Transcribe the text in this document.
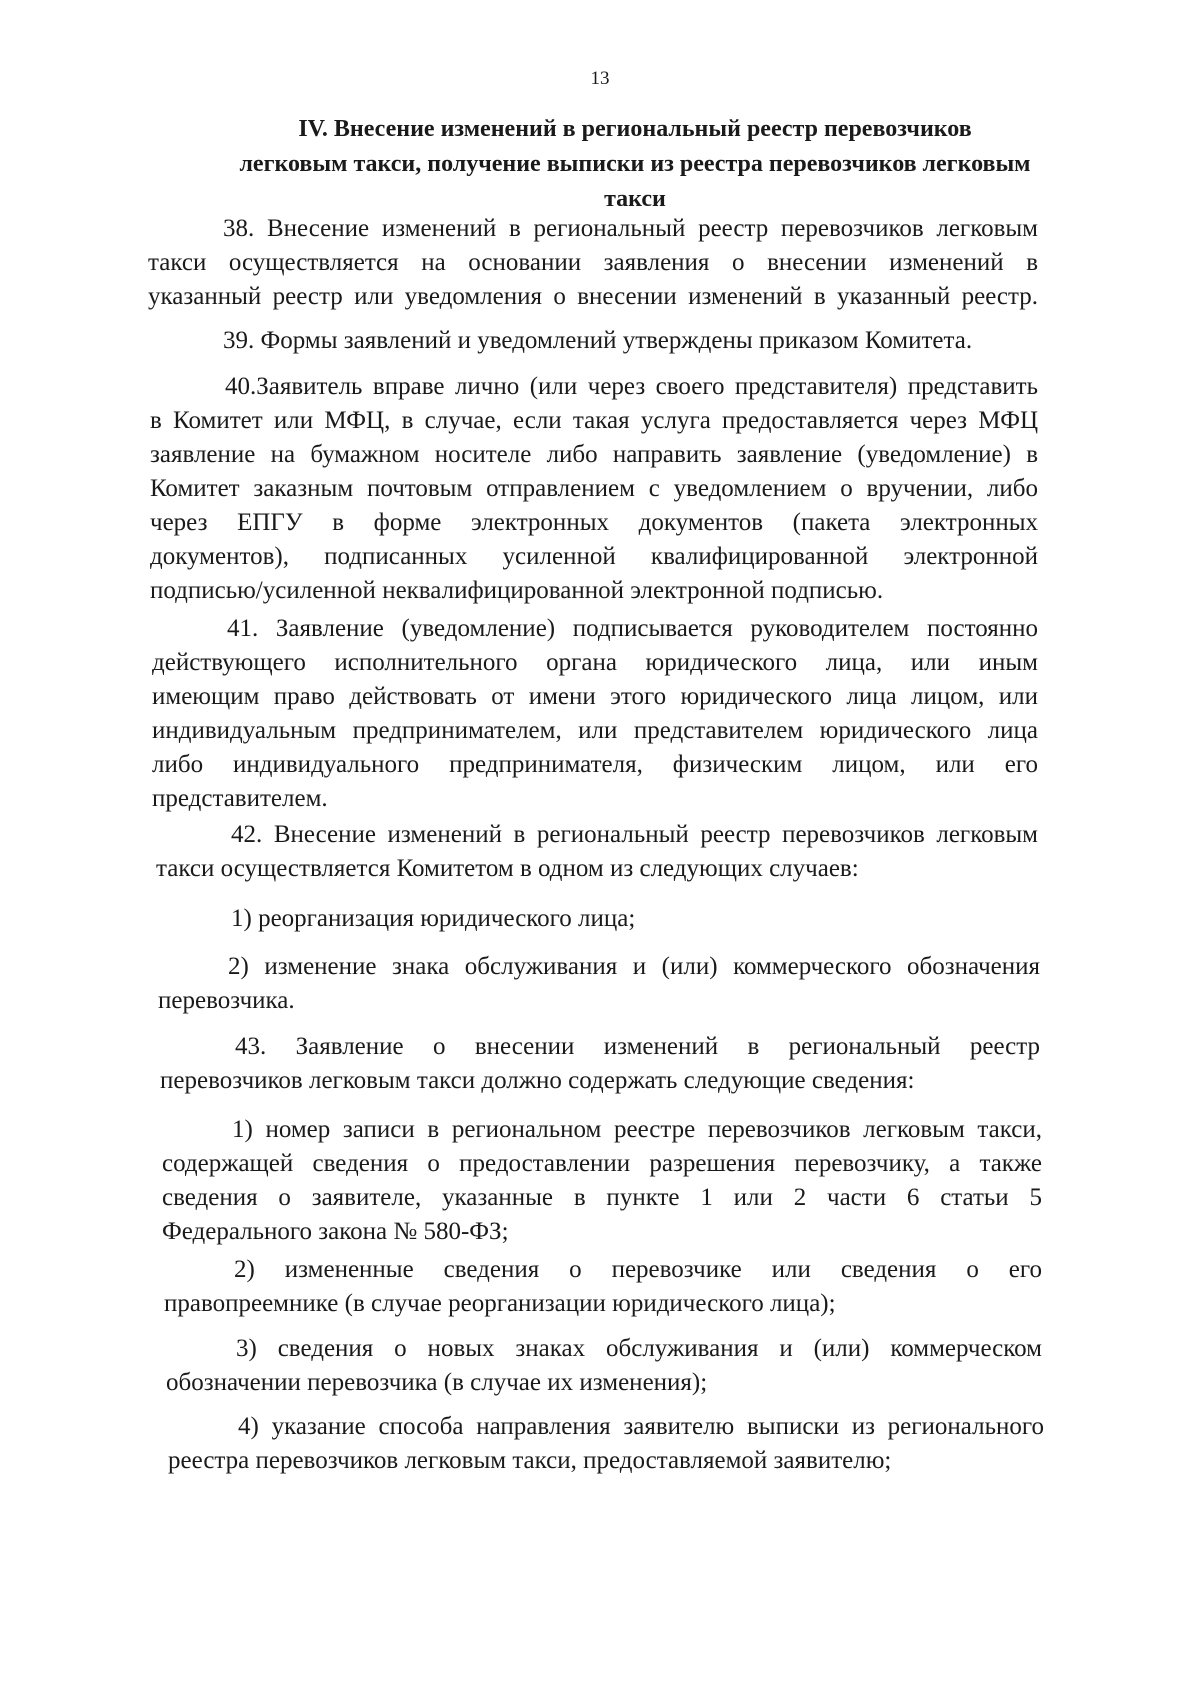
13
IV. Внесение изменений в региональный реестр перевозчиков
легковым такси, получение выписки из реестра перевозчиков легковым
такси
38. Внесение изменений в региональный реестр перевозчиков легковым
такси осуществляется на основании заявления о внесении изменений в
указанный реестр или уведомления о внесении изменений в указанный реестр.
39. Формы заявлений и уведомлений утверждены приказом Комитета.
40.Заявитель вправе лично (или через своего представителя) представить
в Комитет или МФЦ, в случае, если такая услуга предоставляется через МФЦ
заявление на бумажном носителе либо направить заявление (уведомление) в
Комитет заказным почтовым отправлением с уведомлением о вручении, либо
через ЕПГУ в форме электронных документов (пакета электронных
документов), подписанных усиленной квалифицированной электронной
подписью/усиленной неквалифицированной электронной подписью.
41. Заявление (уведомление) подписывается руководителем постоянно
действующего исполнительного органа юридического лица, или иным
имеющим право действовать от имени этого юридического лица лицом, или
индивидуальным предпринимателем, или представителем юридического лица
либо индивидуального предпринимателя, физическим лицом, или его
представителем.
42. Внесение изменений в региональный реестр перевозчиков легковым
такси осуществляется Комитетом в одном из следующих случаев:
1) реорганизация юридического лица;
2) изменение знака обслуживания и (или) коммерческого обозначения
перевозчика.
43. Заявление о внесении изменений в региональный реестр
перевозчиков легковым такси должно содержать следующие сведения:
1) номер записи в региональном реестре перевозчиков легковым такси,
содержащей сведения о предоставлении разрешения перевозчику, а также
сведения о заявителе, указанные в пункте 1 или 2 части 6 статьи 5
Федерального закона № 580-ФЗ;
2) измененные сведения о перевозчике или сведения о его
правопреемнике (в случае реорганизации юридического лица);
3) сведения о новых знаках обслуживания и (или) коммерческом
обозначении перевозчика (в случае их изменения);
4) указание способа направления заявителю выписки из регионального
реестра перевозчиков легковым такси, предоставляемой заявителю;
